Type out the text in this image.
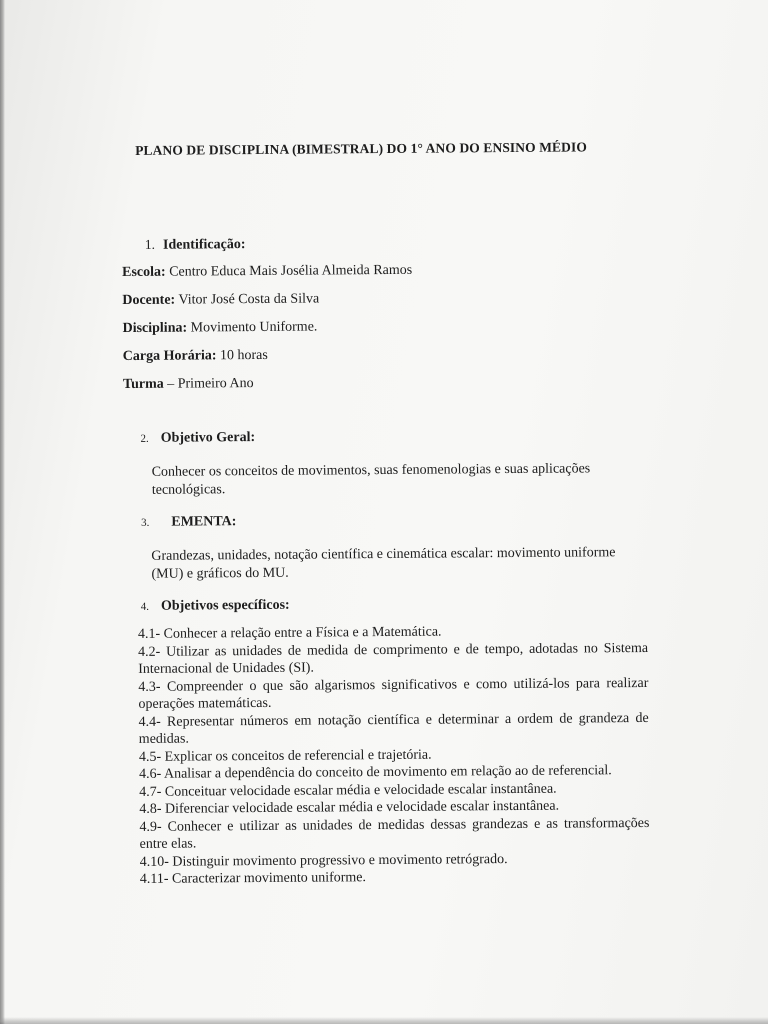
PLANO DE DISCIPLINA (BIMESTRAL) DO 1° ANO DO ENSINO MÉDIO
1. Identificação:
Escola: Centro Educa Mais Josélia Almeida Ramos
Docente: Vitor José Costa da Silva
Disciplina: Movimento Uniforme.
Carga Horária: 10 horas
Turma – Primeiro Ano
2. Objetivo Geral:
Conhecer os conceitos de movimentos, suas fenomenologias e suas aplicações tecnológicas.
3. EMENTA:
Grandezas, unidades, notação científica e cinemática escalar: movimento uniforme (MU) e gráficos do MU.
4. Objetivos específicos:
4.1- Conhecer a relação entre a Física e a Matemática.
4.2- Utilizar as unidades de medida de comprimento e de tempo, adotadas no Sistema Internacional de Unidades (SI).
4.3- Compreender o que são algarismos significativos e como utilizá-los para realizar operações matemáticas.
4.4- Representar números em notação científica e determinar a ordem de grandeza de medidas.
4.5- Explicar os conceitos de referencial e trajetória.
4.6- Analisar a dependência do conceito de movimento em relação ao de referencial.
4.7- Conceituar velocidade escalar média e velocidade escalar instantânea.
4.8- Diferenciar velocidade escalar média e velocidade escalar instantânea.
4.9- Conhecer e utilizar as unidades de medidas dessas grandezas e as transformações entre elas.
4.10- Distinguir movimento progressivo e movimento retrógrado.
4.11- Caracterizar movimento uniforme.
